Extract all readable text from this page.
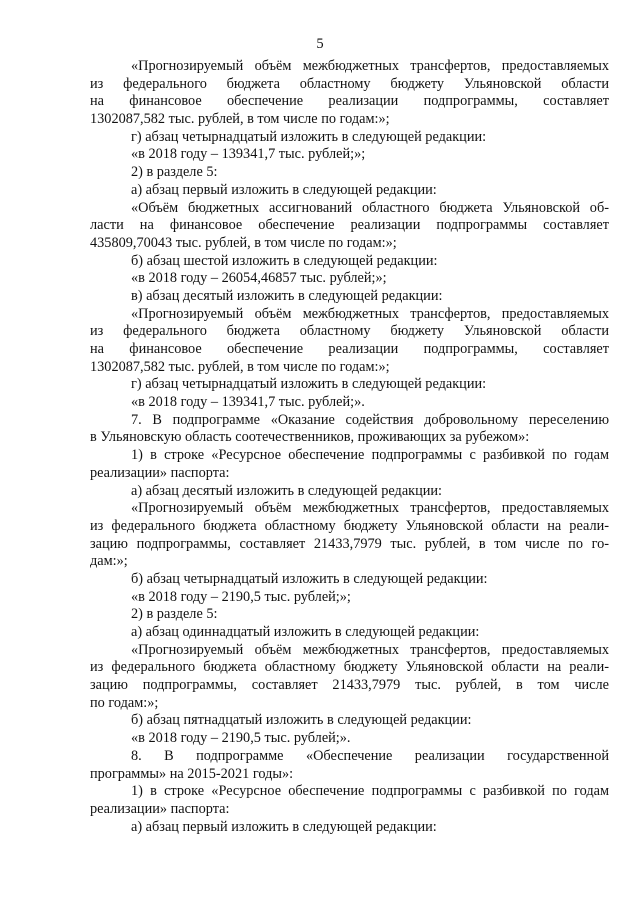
5
«Прогнозируемый объём межбюджетных трансфертов, предоставляемых
из федерального бюджета областному бюджету Ульяновской области
на финансовое обеспечение реализации подпрограммы, составляет
1302087,582 тыс. рублей, в том числе по годам:»;
г) абзац четырнадцатый изложить в следующей редакции:
«в 2018 году – 139341,7 тыс. рублей;»;
2) в разделе 5:
а) абзац первый изложить в следующей редакции:
«Объём бюджетных ассигнований областного бюджета Ульяновской об-
ласти на финансовое обеспечение реализации подпрограммы составляет
435809,70043 тыс. рублей, в том числе по годам:»;
б) абзац шестой изложить в следующей редакции:
«в 2018 году – 26054,46857 тыс. рублей;»;
в) абзац десятый изложить в следующей редакции:
«Прогнозируемый объём межбюджетных трансфертов, предоставляемых
из федерального бюджета областному бюджету Ульяновской области
на финансовое обеспечение реализации подпрограммы, составляет
1302087,582 тыс. рублей, в том числе по годам:»;
г) абзац четырнадцатый изложить в следующей редакции:
«в 2018 году – 139341,7 тыс. рублей;».
7. В подпрограмме «Оказание содействия добровольному переселению
в Ульяновскую область соотечественников, проживающих за рубежом»:
1) в строке «Ресурсное обеспечение подпрограммы с разбивкой по годам
реализации» паспорта:
а) абзац десятый изложить в следующей редакции:
«Прогнозируемый объём межбюджетных трансфертов, предоставляемых
из федерального бюджета областному бюджету Ульяновской области на реали-
зацию подпрограммы, составляет 21433,7979 тыс. рублей, в том числе по го-
дам:»;
б) абзац четырнадцатый изложить в следующей редакции:
«в 2018 году – 2190,5 тыс. рублей;»;
2) в разделе 5:
а) абзац одиннадцатый изложить в следующей редакции:
«Прогнозируемый объём межбюджетных трансфертов, предоставляемых
из федерального бюджета областному бюджету Ульяновской области на реали-
зацию подпрограммы, составляет 21433,7979 тыс. рублей, в том числе
по годам:»;
б) абзац пятнадцатый изложить в следующей редакции:
«в 2018 году – 2190,5 тыс. рублей;».
8. В подпрограмме «Обеспечение реализации государственной
программы» на 2015-2021 годы»:
1) в строке «Ресурсное обеспечение подпрограммы с разбивкой по годам
реализации» паспорта:
а) абзац первый изложить в следующей редакции:
